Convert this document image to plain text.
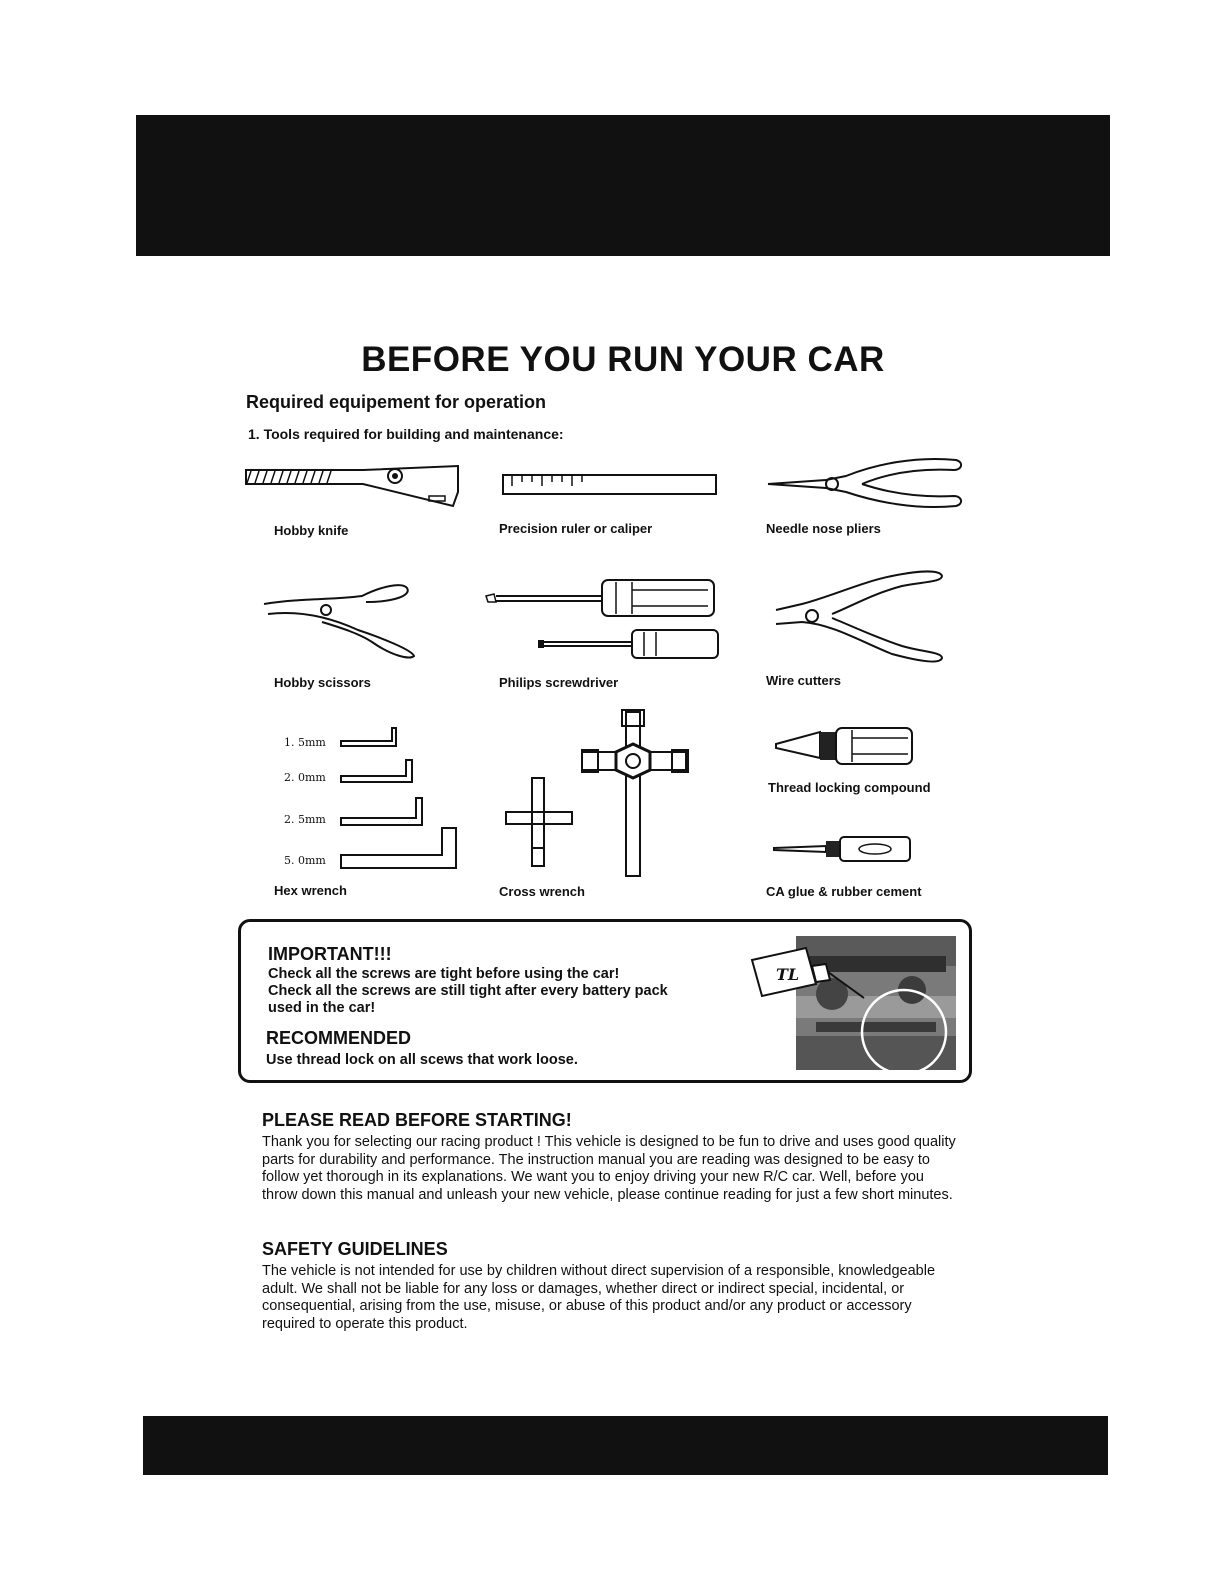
BEFORE YOU RUN YOUR CAR
Required equipement for operation
1. Tools required for building and maintenance:
Hobby knife	Precision ruler or caliper	Needle nose pliers
Hobby scissors	Philips screwdriver	Wire cutters
1. 5mm
2. 0mm
2. 5mm
5. 0mm
Hex wrench	Cross wrench
Thread locking compound
CA glue & rubber cement
IMPORTANT!!!
Check all the screws are tight before using the car!
Check all the screws are still tight after every battery pack used in the car!
RECOMMENDED
Use thread lock on all scews that work loose.
TL
PLEASE READ BEFORE STARTING!
Thank you for selecting our racing product ! This vehicle is designed to be fun to drive and uses good quality parts for durability and performance. The instruction manual you are reading was designed to be easy to follow yet thorough in its explanations. We want you to enjoy driving your new R/C car. Well, before you throw down this manual and unleash your new vehicle, please continue reading for just a few short minutes.
SAFETY GUIDELINES
The vehicle is not intended for use by children without direct supervision of a responsible, knowledgeable adult. We shall not be liable for any loss or damages, whether direct or indirect special, incidental, or consequential, arising from the use, misuse, or abuse of this product and/or any product or accessory required to operate this product.
